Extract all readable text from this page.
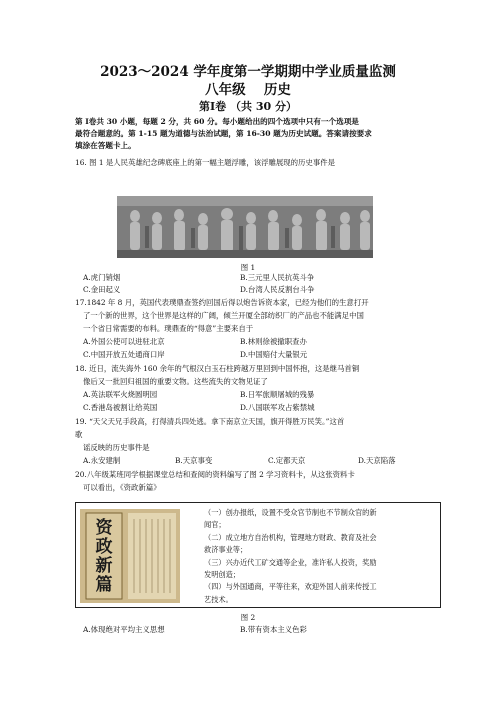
2023～2024 学年度第一学期期中学业质量监测
八年级　 历史
第Ⅰ卷 （共 30 分）
第 Ⅰ卷共 30 小题，每题 2 分，共 60 分。每小题给出的四个选项中只有一个选项是
最符合题意的。第 1-15 题为道德与法治试题，第 16-30 题为历史试题。答案请按要求
填涂在答题卡上。
16. 图 1 是人民英雄纪念碑底座上的第一幅主题浮雕，该浮雕展现的历史事件是
图 1
A.虎门销烟	B.三元里人民抗英斗争
C.金田起义	D.台湾人民反割台斗争
17.1842 年 8 月，英国代表璞鼎查签约回国后得以炮告诉资本家，已经为他们的生意打开
了一个新的世界，这个世界是这样的广阔，倾兰开厦全部纺织厂的产品也不能满足中国
一个省日常需要的布料。璞鼎查的“得意”主要来自于
A.外国公使可以进驻北京	B.林则徐被撤职查办
C.中国开放五处通商口岸	D.中国赔付大量银元
18. 近日，流失海外 160 余年的气根汉白玉石柱跨越万里回到中国怀抱，这是继马首铜
像后又一批回归祖国的重要文物。这些流失的文物见证了
A.英法联军火烧圆明园	B.日军旅顺屠城的残暴
C.香港岛被割让给英国	D.八国联军攻占紫禁城
19. “天父天兄手段高，打得清兵四处逃。拿下南京立天国，旗开得胜万民笑。”这首
歌
谣反映的历史事件是
A.永安建制	B.天京事变	C.定都天京	D.天京陷落
20.八年级某班同学根据课堂总结和查阅的资料编写了图 2 学习资料卡，从这张资料卡
可以看出，《资政新篇》
资政新篇
（一）创办报纸，设置不受众官节制也不节制众官的新
闻官；
（二）成立地方自治机构，管理地方财政、教育及社会
救济事业等；
（三）兴办近代工矿交通等企业，准许私人投资，奖励
发明创造；
（四）与外国通商，平等往来，欢迎外国人前来传授工
艺技术。
图 2
A.体现绝对平均主义思想	B.带有资本主义色彩
